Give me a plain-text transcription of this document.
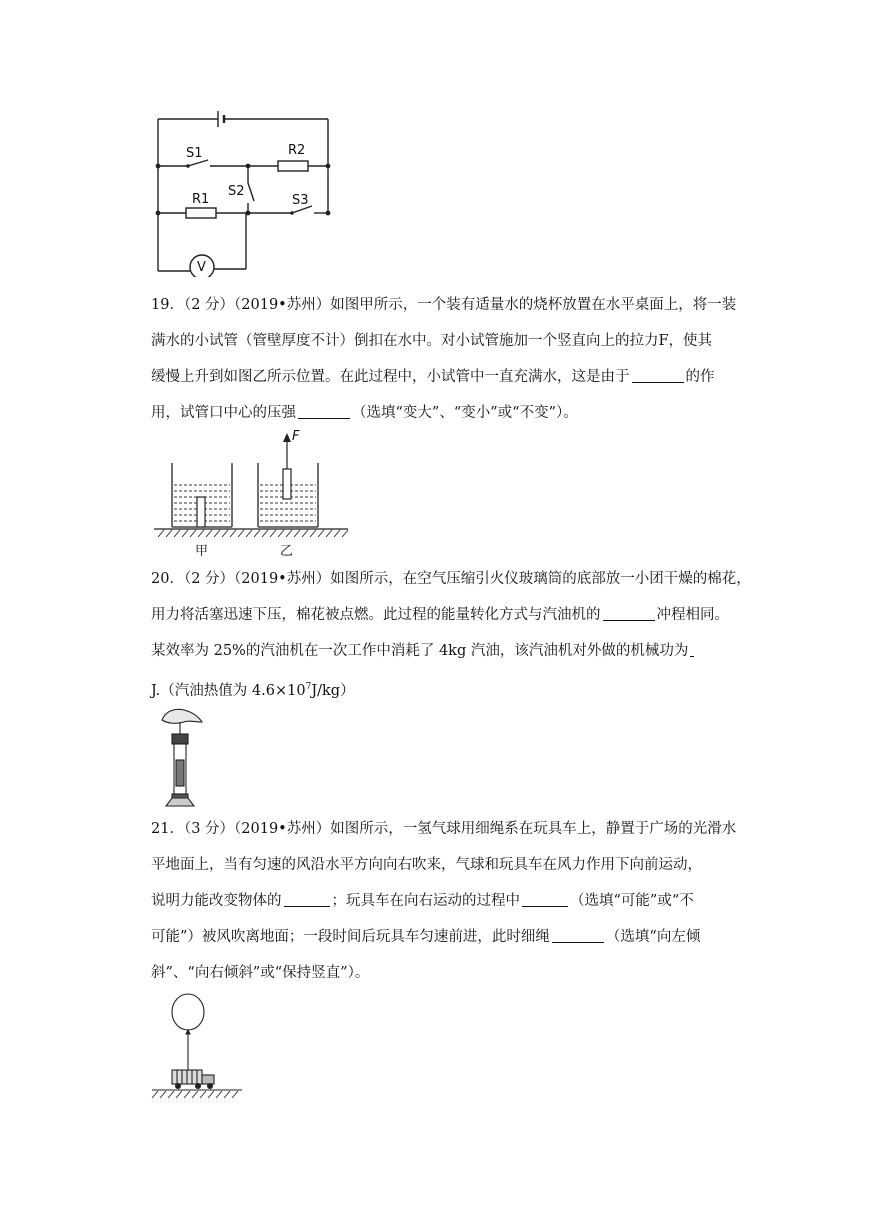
S1	R2
S2
R1	S3
V
19．（2 分）（2019•苏州）如图甲所示，一个装有适量水的烧杯放置在水平桌面上，将一装
满水的小试管（管壁厚度不计）倒扣在水中。对小试管施加一个竖直向上的拉力F，使其
缓慢上升到如图乙所示位置。在此过程中，小试管中一直充满水，这是由于	的作
用，试管口中心的压强	（选填“变大”、“变小”或“不变”）。
F
甲	乙
20．（2 分）（2019•苏州）如图所示，在空气压缩引火仪玻璃筒的底部放一小团干燥的棉花，
用力将活塞迅速下压，棉花被点燃。此过程的能量转化方式与汽油机的	冲程相同。
某效率为 25%的汽油机在一次工作中消耗了 4kg 汽油，该汽油机对外做的机械功为
J.（汽油热值为 $4.6\times 10^7J/kg$）
21．（3 分）（2019•苏州）如图所示，一氢气球用细绳系在玩具车上，静置于广场的光滑水
平地面上，当有匀速的风沿水平方向向右吹来，气球和玩具车在风力作用下向前运动，
说明力能改变物体的	；玩具车在向右运动的过程中	（选填“可能”或“不
可能”）被风吹离地面；一段时间后玩具车匀速前进，此时细绳	（选填“向左倾
斜”、“向右倾斜”或“保持竖直”）。
